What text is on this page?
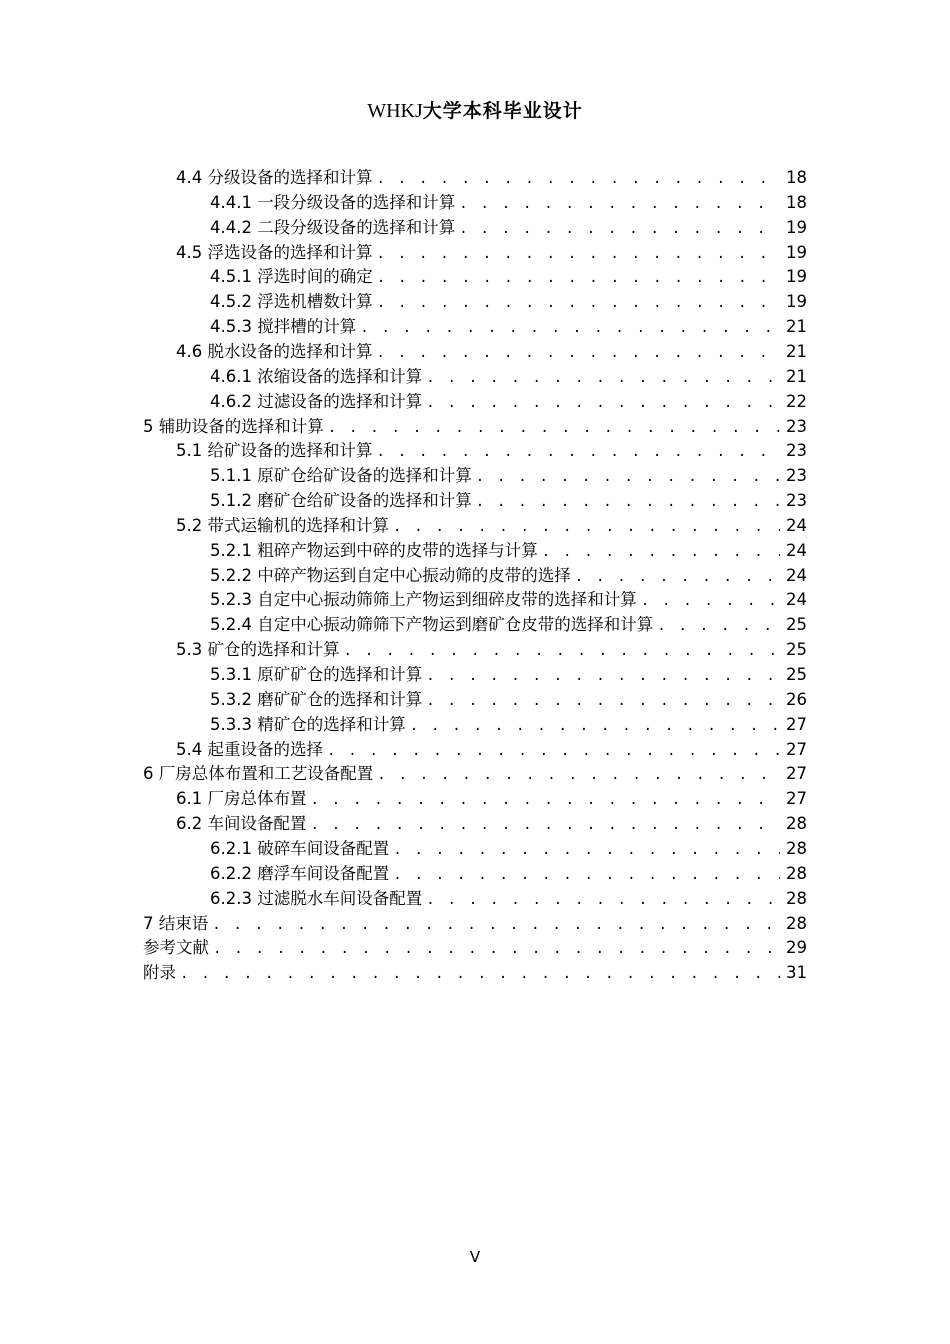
WHKJ大学本科毕业设计
4.4 分级设备的选择和计算 . . .	18
4.4.1 一段分级设备的选择和计算 . . .	18
4.4.2 二段分级设备的选择和计算 . . .	19
4.5 浮选设备的选择和计算 . . .	19
4.5.1 浮选时间的确定 . . .	19
4.5.2 浮选机槽数计算 . . .	19
4.5.3 搅拌槽的计算 . . .	21
4.6 脱水设备的选择和计算 . . .	21
4.6.1 浓缩设备的选择和计算 . . .	21
4.6.2 过滤设备的选择和计算 . . .	22
5 辅助设备的选择和计算 . . .	23
5.1 给矿设备的选择和计算 . . .	23
5.1.1 原矿仓给矿设备的选择和计算 . . .	23
5.1.2 磨矿仓给矿设备的选择和计算 . . .	23
5.2 带式运输机的选择和计算 . . .	24
5.2.1 粗碎产物运到中碎的皮带的选择与计算 . . .	24
5.2.2 中碎产物运到自定中心振动筛的皮带的选择 . . .	24
5.2.3 自定中心振动筛筛上产物运到细碎皮带的选择和计算 . . .	24
5.2.4 自定中心振动筛筛下产物运到磨矿仓皮带的选择和计算 . . .	25
5.3 矿仓的选择和计算 . . .	25
5.3.1 原矿矿仓的选择和计算 . . .	25
5.3.2 磨矿矿仓的选择和计算 . . .	26
5.3.3 精矿仓的选择和计算 . . .	27
5.4 起重设备的选择 . . .	27
6 厂房总体布置和工艺设备配置 . . .	27
6.1 厂房总体布置 . . .	27
6.2 车间设备配置 . . .	28
6.2.1 破碎车间设备配置 . . .	28
6.2.2 磨浮车间设备配置 . . .	28
6.2.3 过滤脱水车间设备配置 . . .	28
7 结束语 . . .	28
参考文献 . . .	29
附录 . . .	31
V
